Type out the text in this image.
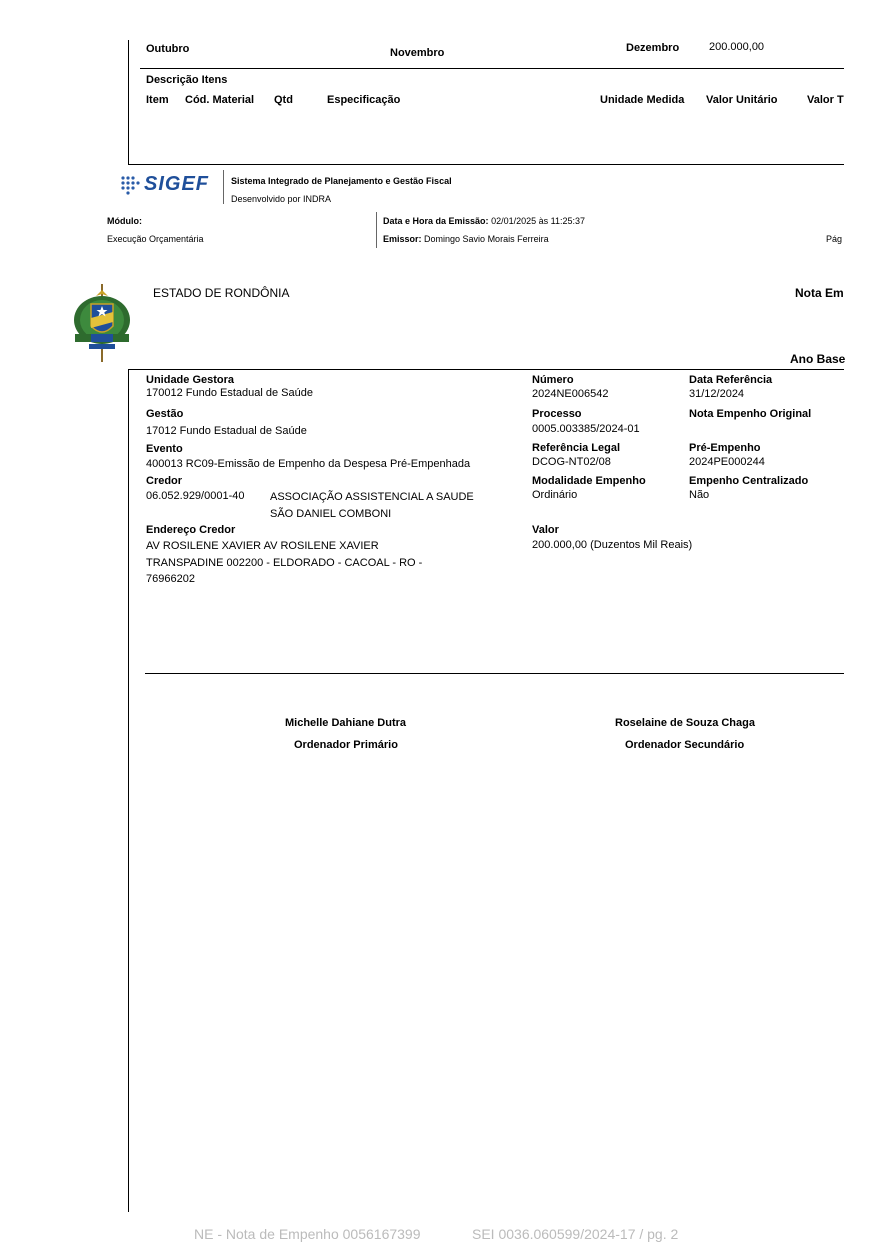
Outubro	Novembro	Dezembro	200.000,00
Descrição Itens
Item Cód. Material Qtd	Especificação	Unidade Medida Valor Unitário	Valor T
SIGEF Sistema Integrado de Planejamento e Gestão Fiscal
Desenvolvido por INDRA
Módulo:
Execução Orçamentária
Data e Hora da Emissão: 02/01/2025 às 11:25:37
Emissor: Domingo Savio Morais Ferreira	Pág
ESTADO DE RONDÔNIA	Nota Em
Ano Base
Unidade Gestora
170012 Fundo Estadual de Saúde
Gestão
17012 Fundo Estadual de Saúde
Evento
400013 RC09-Emissão de Empenho da Despesa Pré-Empenhada
Credor
06.052.929/0001-40 ASSOCIAÇÃO ASSISTENCIAL A SAUDE
SÃO DANIEL COMBONI
Endereço Credor
AV ROSILENE XAVIER AV ROSILENE XAVIER
TRANSPADINE 002200 - ELDORADO - CACOAL - RO -
76966202
Número
2024NE006542
Processo
0005.003385/2024-01
Referência Legal
DCOG-NT02/08
Modalidade Empenho
Ordinário
Valor
200.000,00 (Duzentos Mil Reais)
Data Referência
31/12/2024
Nota Empenho Original
Pré-Empenho
2024PE000244
Empenho Centralizado
Não
Michelle Dahiane Dutra
Ordenador Primário
Roselaine de Souza Chaga
Ordenador Secundário
NE - Nota de Empenho 0056167399	SEI 0036.060599/2024-17 / pg. 2
